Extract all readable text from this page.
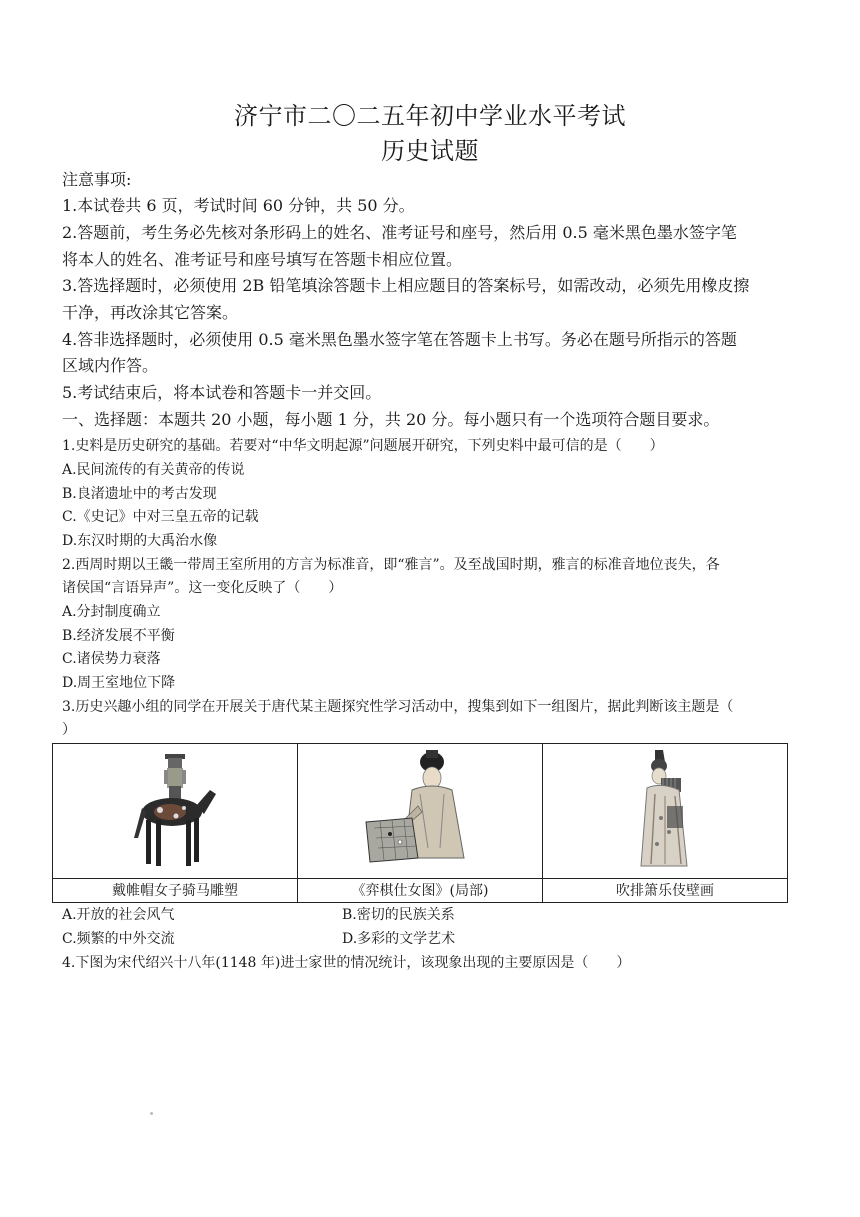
济宁市二〇二五年初中学业水平考试
历史试题
注意事项:
1.本试卷共 6 页，考试时间 60 分钟，共 50 分。
2.答题前，考生务必先核对条形码上的姓名、准考证号和座号，然后用 0.5 毫米黑色墨水签字笔
将本人的姓名、准考证号和座号填写在答题卡相应位置。
3.答选择题时，必须使用 2B 铅笔填涂答题卡上相应题目的答案标号，如需改动，必须先用橡皮擦
干净，再改涂其它答案。
4.答非选择题时，必须使用 0.5 毫米黑色墨水签字笔在答题卡上书写。务必在题号所指示的答题
区域内作答。
5.考试结束后，将本试卷和答题卡一并交回。
一、选择题：本题共 20 小题，每小题 1 分，共 20 分。每小题只有一个选项符合题目要求。
1.史料是历史研究的基础。若要对“中华文明起源”问题展开研究，下列史料中最可信的是（　　）
A.民间流传的有关黄帝的传说
B.良渚遗址中的考古发现
C.《史记》中对三皇五帝的记载
D.东汉时期的大禹治水像
2.西周时期以王畿一带周王室所用的方言为标准音，即“雅言”。及至战国时期，雅言的标准音地位丧失，各
诸侯国“言语异声”。这一变化反映了（　　）
A.分封制度确立
B.经济发展不平衡
C.诸侯势力衰落
D.周王室地位下降
3.历史兴趣小组的同学在开展关于唐代某主题探究性学习活动中，搜集到如下一组图片，据此判断该主题是（
）
戴帷帽女子骑马雕塑	《弈棋仕女图》(局部)	吹排箫乐伎壁画
A.开放的社会风气	B.密切的民族关系
C.频繁的中外交流	D.多彩的文学艺术
4.下图为宋代绍兴十八年(1148 年)进士家世的情况统计，该现象出现的主要原因是（　　）
